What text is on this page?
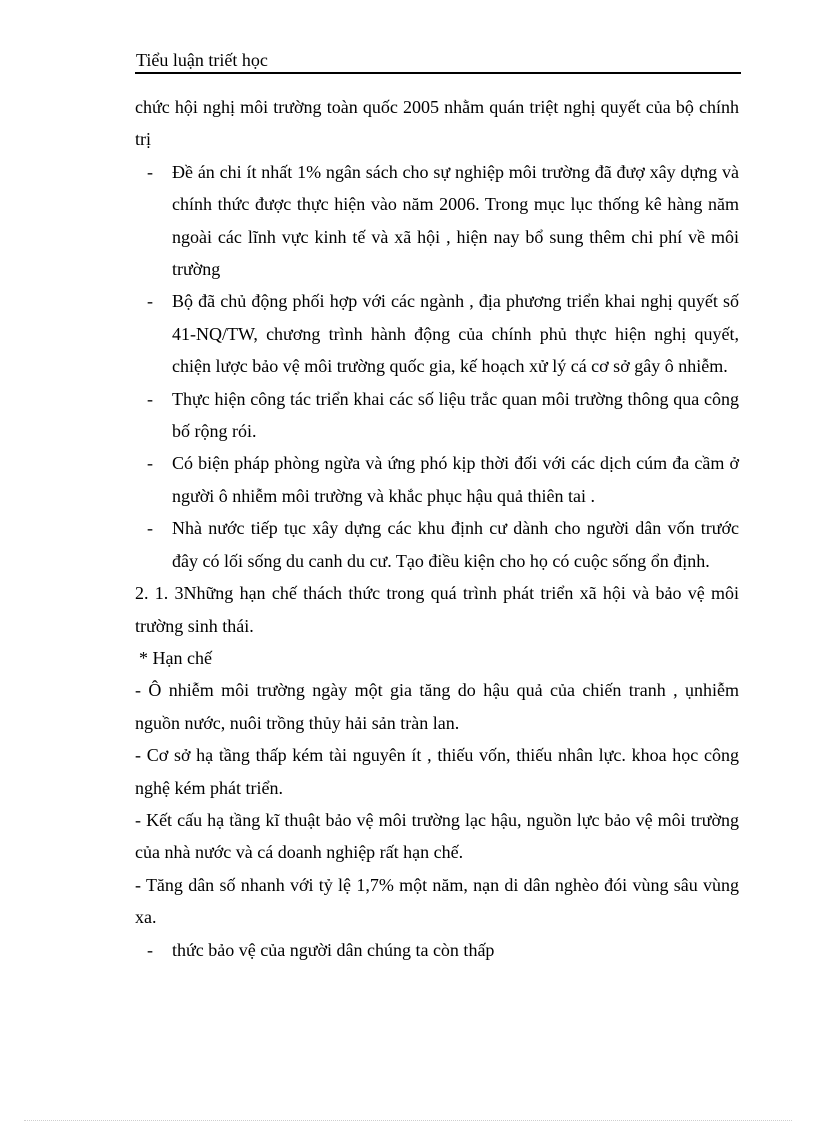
Tiểu luận triết học

chức hội nghị môi trường toàn quốc 2005 nhằm quán triệt nghị quyết của bộ chính trị

- Đề án chi ít nhất 1% ngân sách cho sự nghiệp môi trường đã đượ xây dựng và chính thức được thực hiện vào năm 2006. Trong mục lục thống kê hàng năm ngoài các lĩnh vực kinh tế và xã hội , hiện nay bổ sung thêm chi phí về môi trường
- Bộ đã chủ động phối hợp với các ngành , địa phương triển khai nghị quyết số 41-NQ/TW, chương trình hành động của chính phủ thực hiện nghị quyết, chiện lược bảo vệ môi trường quốc gia, kế hoạch xử lý cá cơ sở gây ô nhiễm.
- Thực hiện công tác triển khai các số liệu trắc quan môi trường thông qua công bố rộng rói.
- Có biện pháp phòng ngừa và ứng phó kịp thời đối với các dịch cúm đa cầm ở người ô nhiễm môi trường và khắc phục hậu quả thiên tai .
- Nhà nước tiếp tục xây dựng các khu định cư dành cho người dân vốn trước đây có lối sống du canh du cư. Tạo điều kiện cho họ có cuộc sống ổn định.

2. 1. 3Những hạn chế thách thức trong quá trình phát triển xã hội và bảo vệ môi trường sinh thái.

* Hạn chế

- Ô nhiễm môi trường ngày một gia tăng do hậu quả của chiến tranh , ụnhiễm nguồn nước, nuôi trồng thủy hải sản tràn lan.

- Cơ sở hạ tầng thấp kém tài nguyên ít , thiếu vốn, thiếu nhân lực. khoa học công nghệ kém phát triển.

- Kết cấu hạ tầng kĩ thuật bảo vệ môi trường lạc hậu, nguồn lực bảo vệ môi trường của nhà nước và cá doanh nghiệp rất hạn chế.

- Tăng dân số nhanh với tỷ lệ 1,7% một năm, nạn di dân nghèo đói vùng sâu vùng xa.

- thức bảo vệ của người dân chúng ta còn thấp
